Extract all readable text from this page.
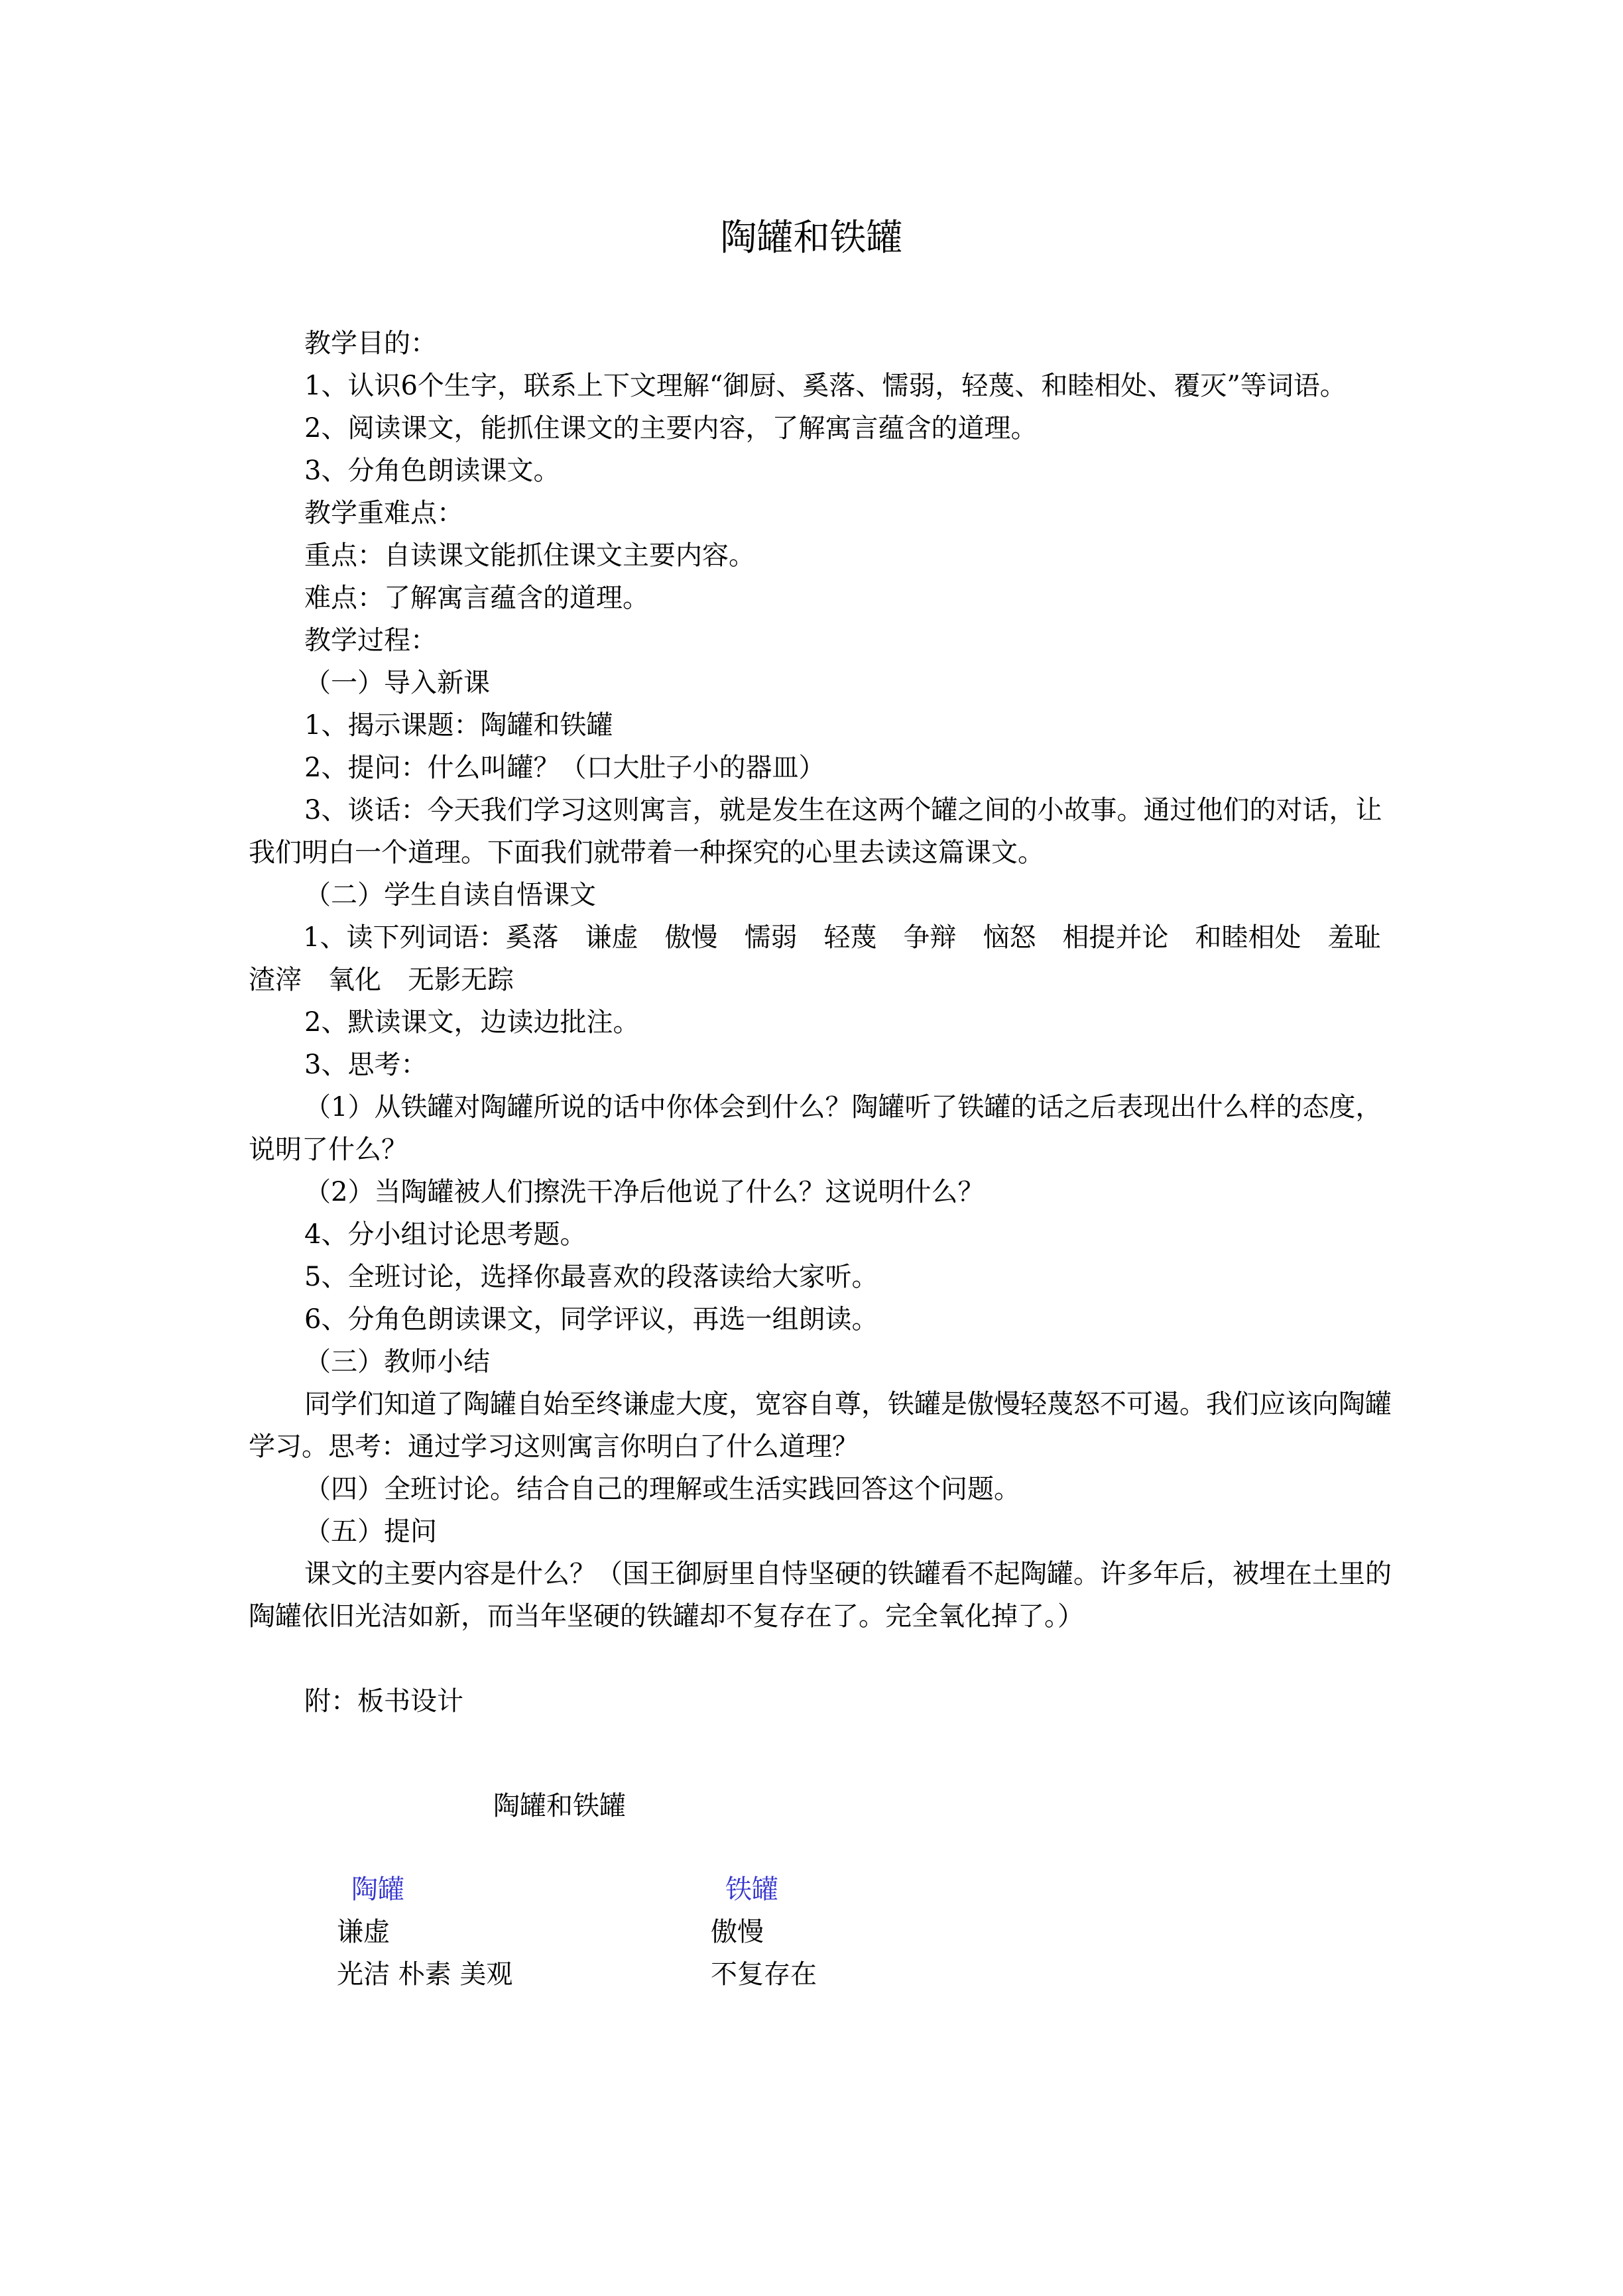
陶罐和铁罐

教学目的：

1、认识6个生字，联系上下文理解“御厨、奚落、懦弱，轻蔑、和睦相处、覆灭”等词语。

2、阅读课文，能抓住课文的主要内容，了解寓言蕴含的道理。

3、分角色朗读课文。

教学重难点：

重点：自读课文能抓住课文主要内容。

难点：了解寓言蕴含的道理。

教学过程：

（一）导入新课

1、揭示课题：陶罐和铁罐

2、提问：什么叫罐？（口大肚子小的器皿）

3、谈话：今天我们学习这则寓言，就是发生在这两个罐之间的小故事。通过他们的对话，让我们明白一个道理。下面我们就带着一种探究的心里去读这篇课文。

（二）学生自读自悟课文

1、读下列词语：奚落　谦虚　傲慢　懦弱　轻蔑　争辩　恼怒　相提并论　和睦相处　羞耻　渣滓　氧化　无影无踪

2、默读课文，边读边批注。

3、思考：

（1）从铁罐对陶罐所说的话中你体会到什么？陶罐听了铁罐的话之后表现出什么样的态度，说明了什么？

（2）当陶罐被人们擦洗干净后他说了什么？这说明什么？

4、分小组讨论思考题。

5、全班讨论，选择你最喜欢的段落读给大家听。

6、分角色朗读课文，同学评议，再选一组朗读。

（三）教师小结

同学们知道了陶罐自始至终谦虚大度，宽容自尊，铁罐是傲慢轻蔑怒不可遏。我们应该向陶罐学习。思考：通过学习这则寓言你明白了什么道理？

（四）全班讨论。结合自己的理解或生活实践回答这个问题。

（五）提问

课文的主要内容是什么？（国王御厨里自恃坚硬的铁罐看不起陶罐。许多年后，被埋在土里的陶罐依旧光洁如新，而当年坚硬的铁罐却不复存在了。完全氧化掉了。）

附：板书设计

陶罐和铁罐
陶罐	铁罐
谦虚	傲慢
光洁 朴素 美观	不复存在
